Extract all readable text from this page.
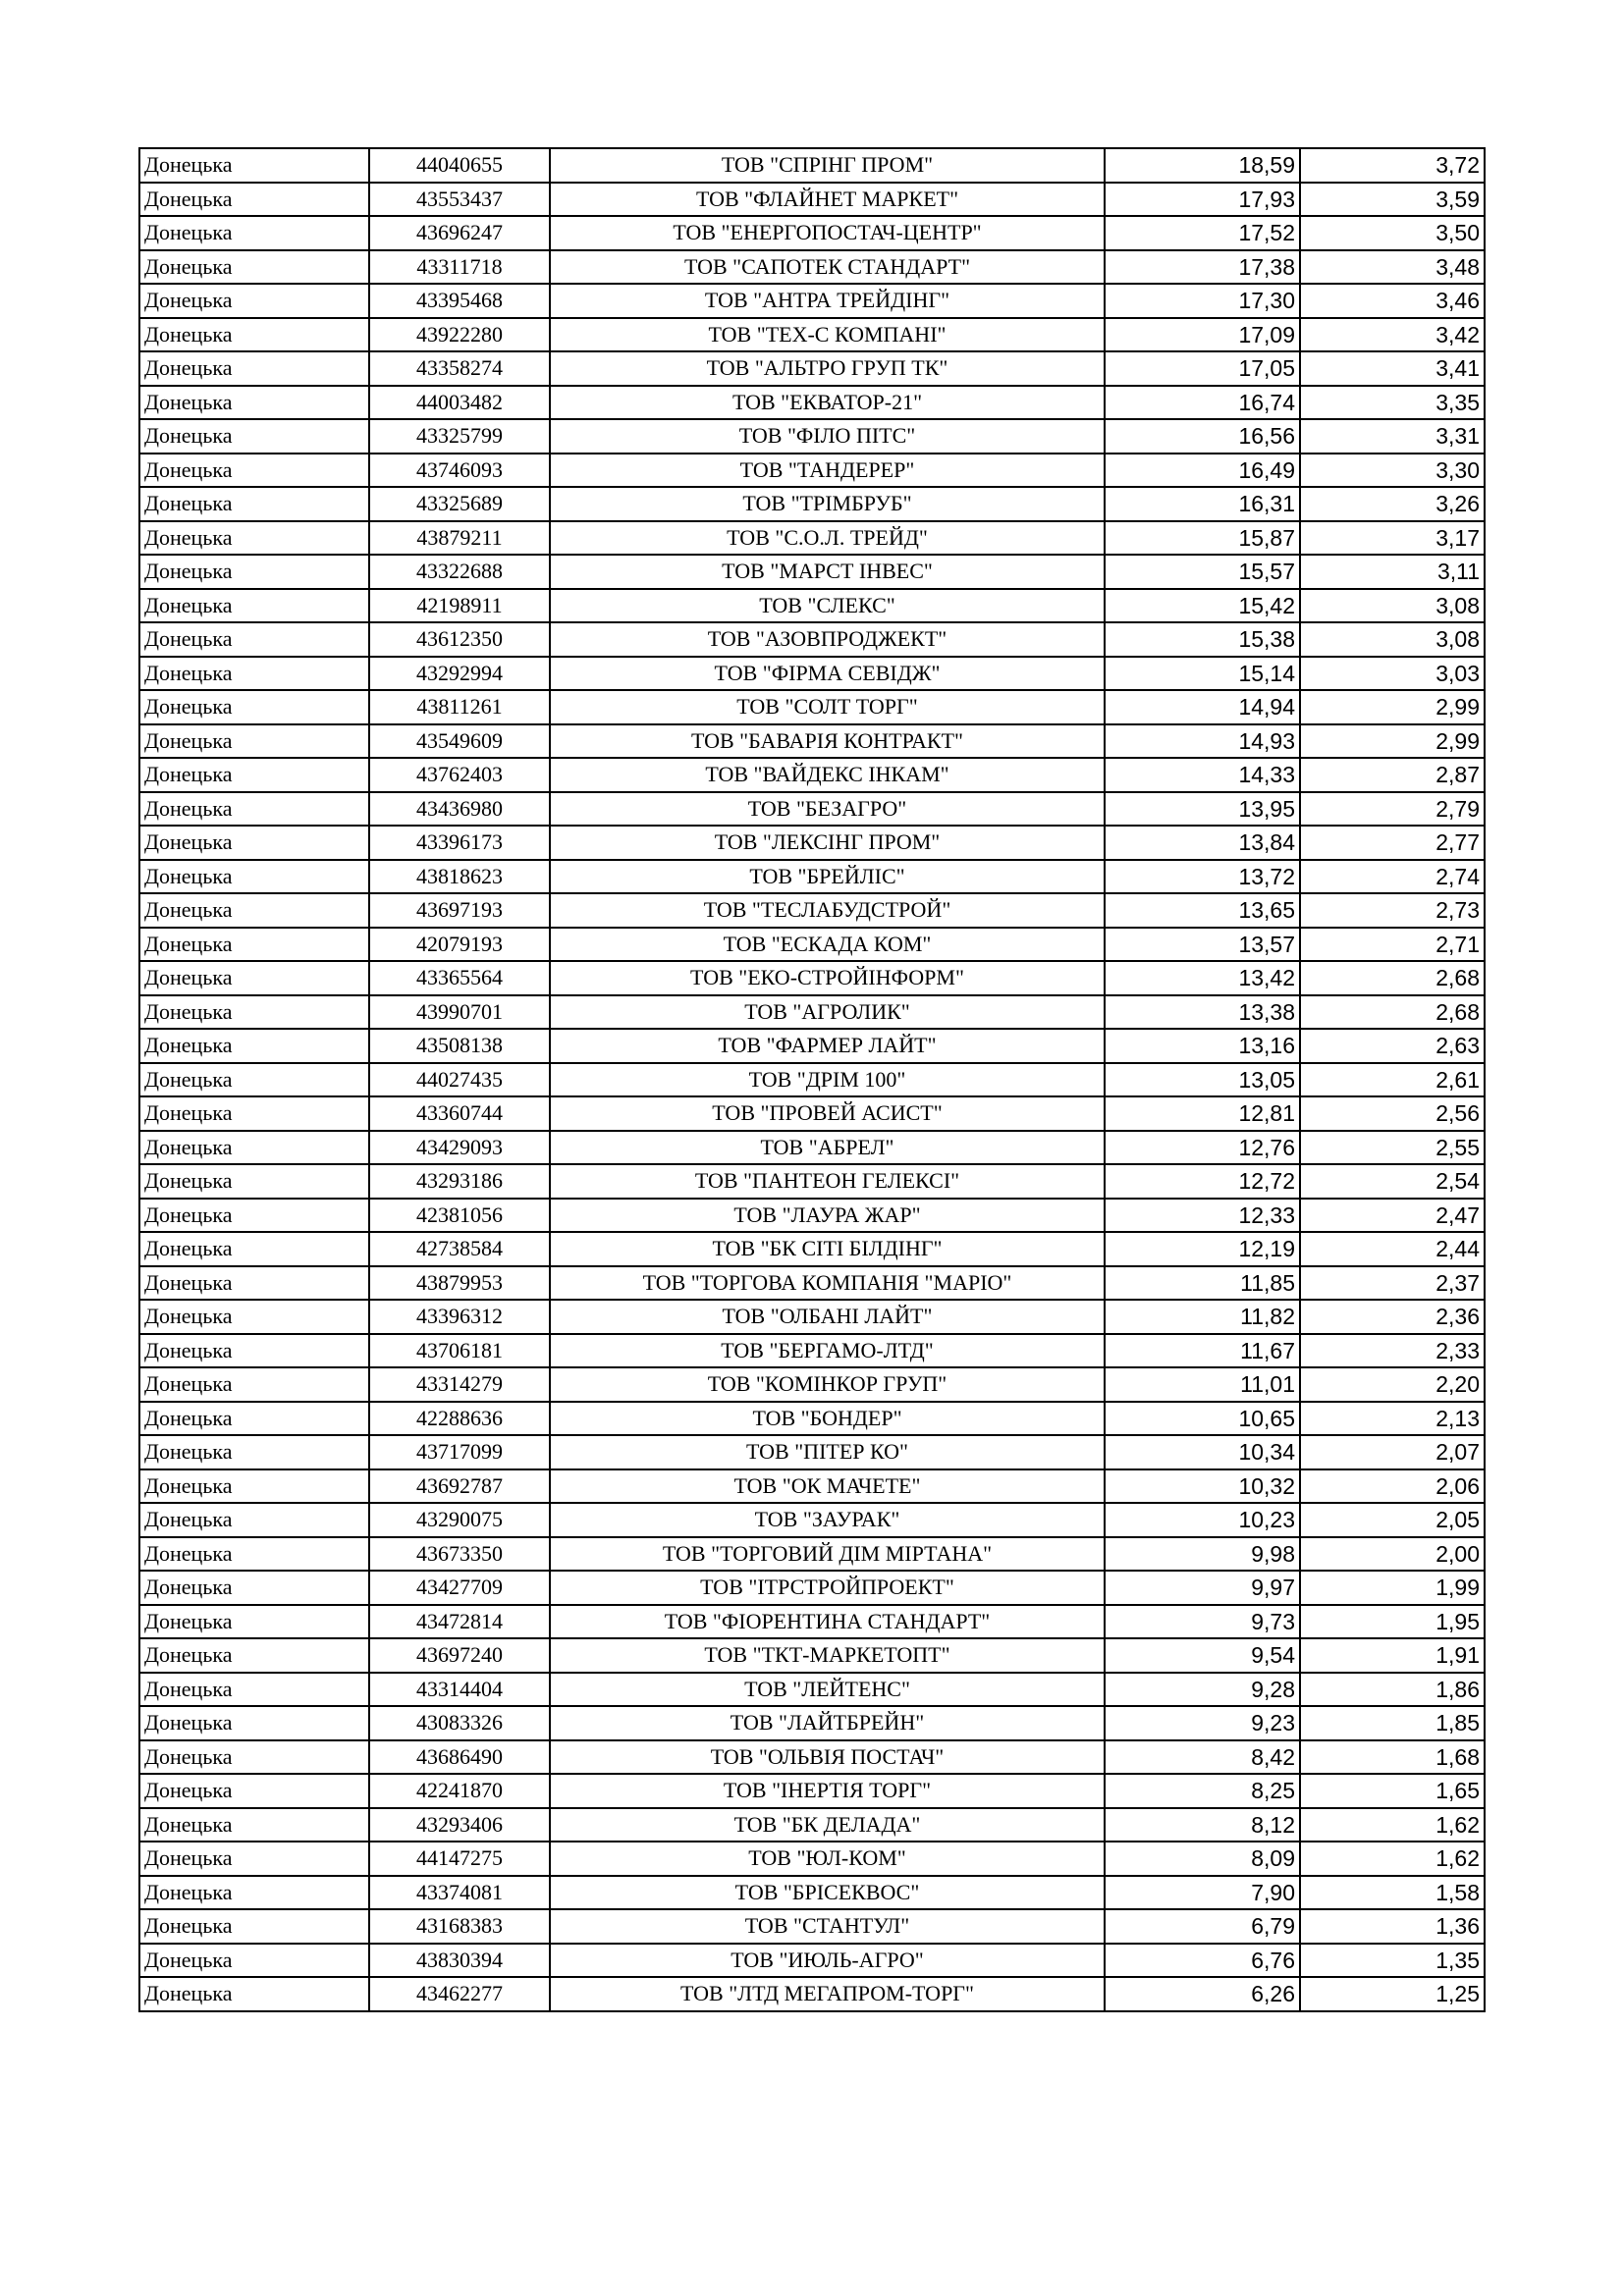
Донецька	44040655	ТОВ "СПРІНГ ПРОМ"	18,59	3,72
Донецька	43553437	ТОВ "ФЛАЙНЕТ МАРКЕТ"	17,93	3,59
Донецька	43696247	ТОВ "ЕНЕРГОПОСТАЧ-ЦЕНТР"	17,52	3,50
Донецька	43311718	ТОВ "САПОТЕК СТАНДАРТ"	17,38	3,48
Донецька	43395468	ТОВ "АНТРА ТРЕЙДІНГ"	17,30	3,46
Донецька	43922280	ТОВ "ТЕХ-С КОМПАНІ"	17,09	3,42
Донецька	43358274	ТОВ "АЛЬТРО ГРУП ТК"	17,05	3,41
Донецька	44003482	ТОВ "ЕКВАТОР-21"	16,74	3,35
Донецька	43325799	ТОВ "ФІЛО ПІТС"	16,56	3,31
Донецька	43746093	ТОВ "ТАНДЕРЕР"	16,49	3,30
Донецька	43325689	ТОВ "ТРІМБРУБ"	16,31	3,26
Донецька	43879211	ТОВ "С.О.Л. ТРЕЙД"	15,87	3,17
Донецька	43322688	ТОВ "МАРСТ ІНВЕС"	15,57	3,11
Донецька	42198911	ТОВ "СЛЕКС"	15,42	3,08
Донецька	43612350	ТОВ "АЗОВПРОДЖЕКТ"	15,38	3,08
Донецька	43292994	ТОВ "ФІРМА СЕВІДЖ"	15,14	3,03
Донецька	43811261	ТОВ "СОЛТ ТОРГ"	14,94	2,99
Донецька	43549609	ТОВ "БАВАРІЯ КОНТРАКТ"	14,93	2,99
Донецька	43762403	ТОВ "ВАЙДЕКС ІНКАМ"	14,33	2,87
Донецька	43436980	ТОВ "БЕЗАГРО"	13,95	2,79
Донецька	43396173	ТОВ "ЛЕКСІНГ ПРОМ"	13,84	2,77
Донецька	43818623	ТОВ "БРЕЙЛІС"	13,72	2,74
Донецька	43697193	ТОВ "ТЕСЛАБУДСТРОЙ"	13,65	2,73
Донецька	42079193	ТОВ "ЕСКАДА КОМ"	13,57	2,71
Донецька	43365564	ТОВ "ЕКО-СТРОЙІНФОРМ"	13,42	2,68
Донецька	43990701	ТОВ "АГРОЛИК"	13,38	2,68
Донецька	43508138	ТОВ "ФАРМЕР ЛАЙТ"	13,16	2,63
Донецька	44027435	ТОВ "ДРІМ 100"	13,05	2,61
Донецька	43360744	ТОВ "ПРОВЕЙ АСИСТ"	12,81	2,56
Донецька	43429093	ТОВ "АБРЕЛ"	12,76	2,55
Донецька	43293186	ТОВ "ПАНТЕОН ГЕЛЕКСІ"	12,72	2,54
Донецька	42381056	ТОВ "ЛАУРА ЖАР"	12,33	2,47
Донецька	42738584	ТОВ "БК СІТІ БІЛДІНГ"	12,19	2,44
Донецька	43879953	ТОВ "ТОРГОВА КОМПАНІЯ "МАРІО"	11,85	2,37
Донецька	43396312	ТОВ "ОЛБАНІ ЛАЙТ"	11,82	2,36
Донецька	43706181	ТОВ "БЕРГАМО-ЛТД"	11,67	2,33
Донецька	43314279	ТОВ "КОМІНКОР ГРУП"	11,01	2,20
Донецька	42288636	ТОВ "БОНДЕР"	10,65	2,13
Донецька	43717099	ТОВ "ПІТЕР КО"	10,34	2,07
Донецька	43692787	ТОВ "ОК МАЧЕТЕ"	10,32	2,06
Донецька	43290075	ТОВ "ЗАУРАК"	10,23	2,05
Донецька	43673350	ТОВ "ТОРГОВИЙ ДІМ МІРТАНА"	9,98	2,00
Донецька	43427709	ТОВ "ІТРСТРОЙПРОЕКТ"	9,97	1,99
Донецька	43472814	ТОВ "ФІОРЕНТИНА СТАНДАРТ"	9,73	1,95
Донецька	43697240	ТОВ "ТКТ-МАРКЕТОПТ"	9,54	1,91
Донецька	43314404	ТОВ "ЛЕЙТЕНС"	9,28	1,86
Донецька	43083326	ТОВ "ЛАЙТБРЕЙН"	9,23	1,85
Донецька	43686490	ТОВ "ОЛЬВІЯ ПОСТАЧ"	8,42	1,68
Донецька	42241870	ТОВ "ІНЕРТІЯ ТОРГ"	8,25	1,65
Донецька	43293406	ТОВ "БК ДЕЛАДА"	8,12	1,62
Донецька	44147275	ТОВ "ЮЛ-КОМ"	8,09	1,62
Донецька	43374081	ТОВ "БРІСЕКВОС"	7,90	1,58
Донецька	43168383	ТОВ "СТАНТУЛ"	6,79	1,36
Донецька	43830394	ТОВ "ИЮЛЬ-АГРО"	6,76	1,35
Донецька	43462277	ТОВ "ЛТД МЕГАПРОМ-ТОРГ"	6,26	1,25
